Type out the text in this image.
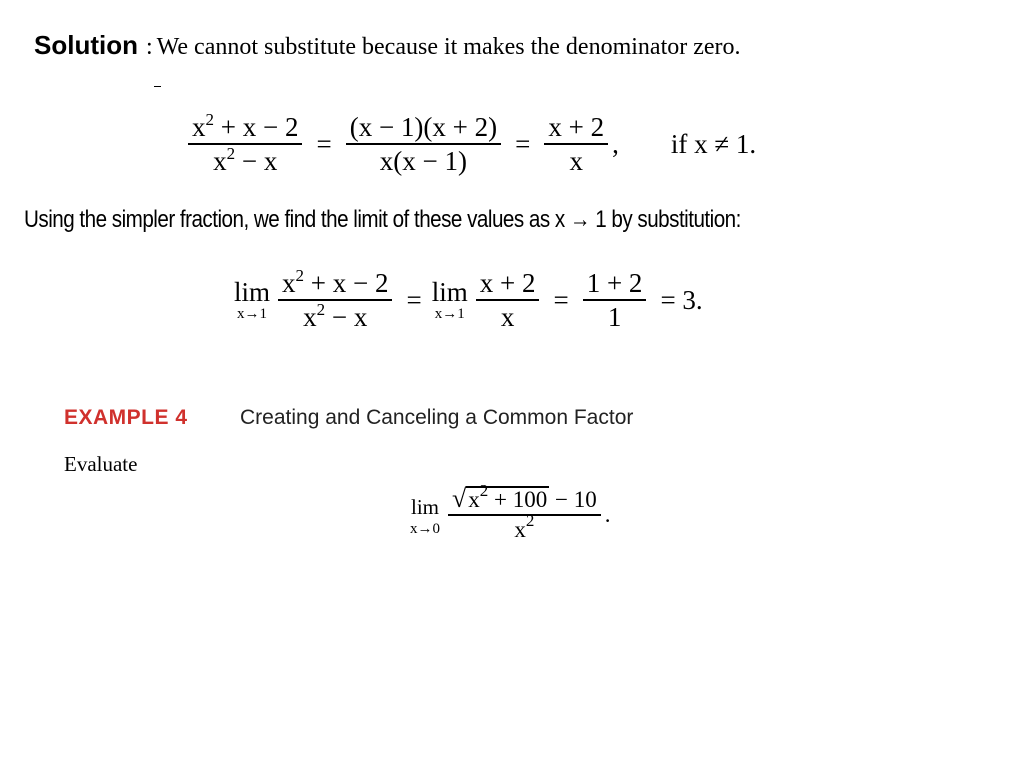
Solution : We cannot substitute because it makes the denominator zero.
$\frac{x^2 + x - 2}{x^2 - x} = \frac{(x - 1)(x + 2)}{x(x - 1)} = \frac{x + 2}{x}$ , if x ≠ 1.
Using the simpler fraction, we find the limit of these values as x → 1 by substitution:
lim
$x\to 1 \frac{x^2 + x - 2}{x^2 - x} = \lim$
$x\to 1 \frac{x + 2}{x} = \frac{1 + 2}{1} = 3$.
EXAMPLE 4 Creating and Canceling a Common Factor
Evaluate
lim
$x\to 0 \frac{√ x^2 + 100 - 10}{x^2}$ .
